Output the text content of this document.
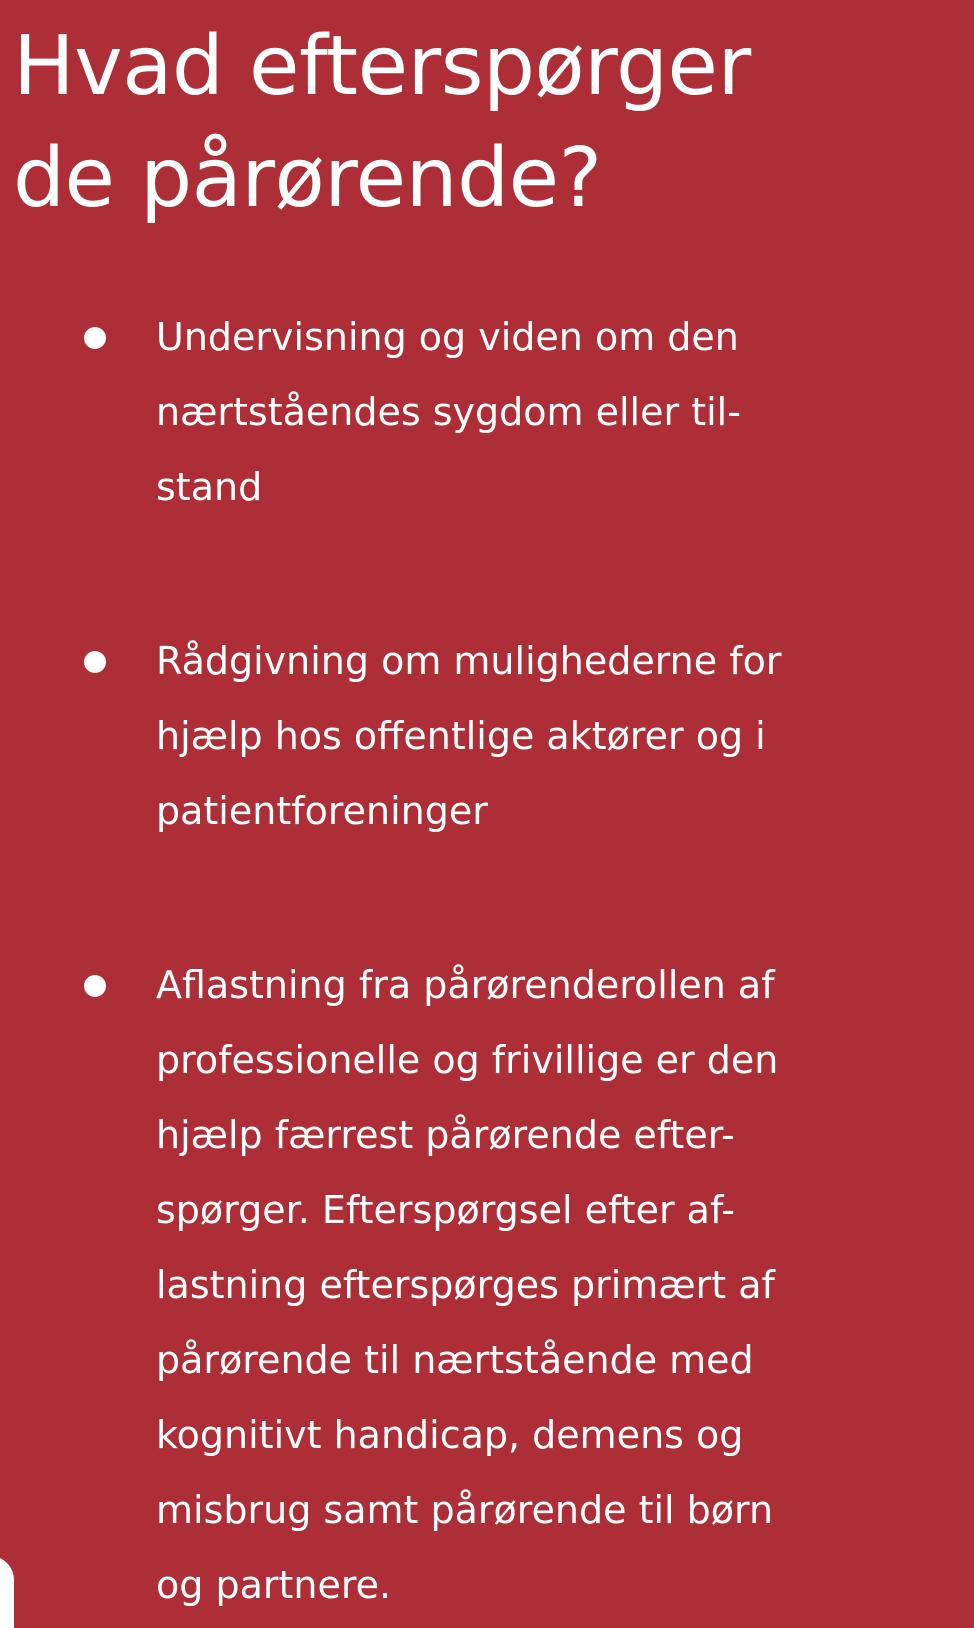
Hvad efterspørger
de pårørende?
Undervisning og viden om den
nærtståendes sygdom eller til-
stand
Rådgivning om mulighederne for
hjælp hos offentlige aktører og i
patientforeninger
Aflastning fra pårørenderollen af
professionelle og frivillige er den
hjælp færrest pårørende efter-
spørger. Efterspørgsel efter af-
lastning efterspørges primært af
pårørende til nærtstående med
kognitivt handicap, demens og
misbrug samt pårørende til børn
og partnere.
